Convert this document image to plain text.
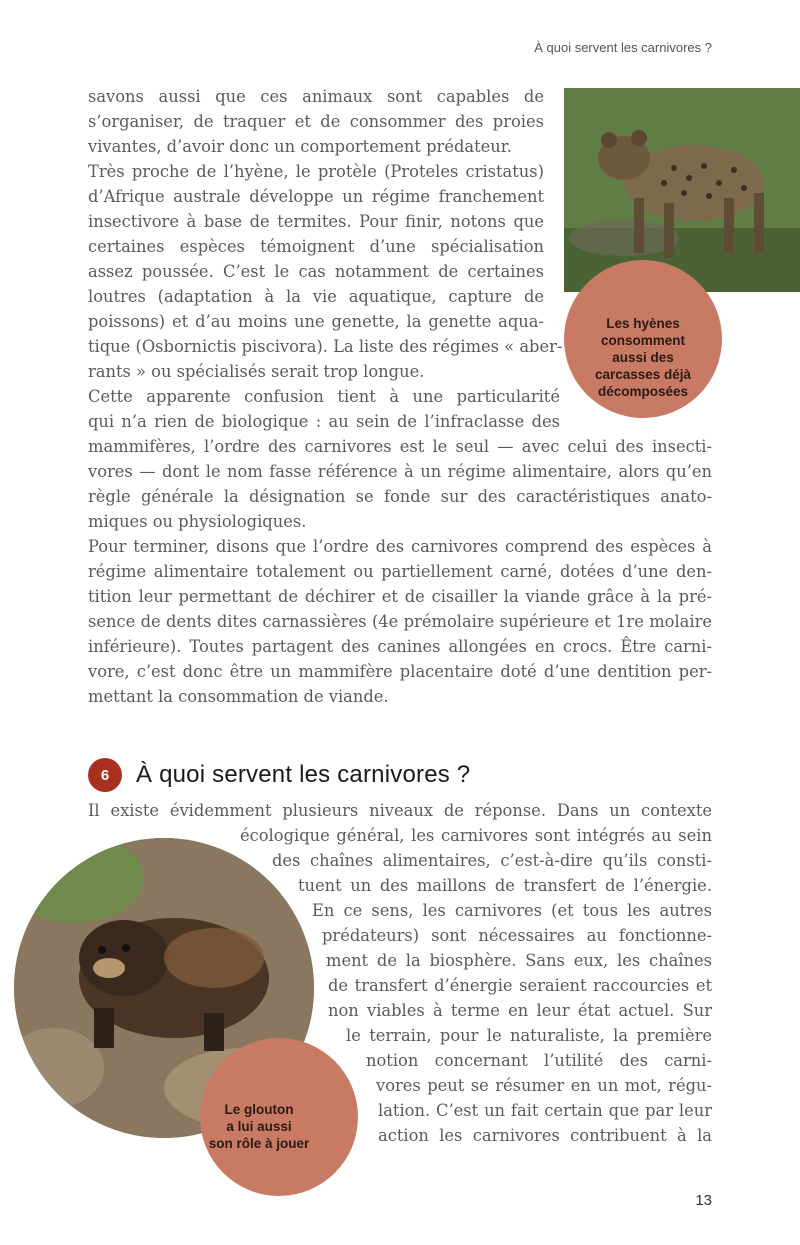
À quoi servent les carnivores ?
savons aussi que ces animaux sont capables de
s’organiser, de traquer et de consommer des proies
vivantes, d’avoir donc un comportement prédateur.
Très proche de l’hyène, le protèle (Proteles cristatus)
d’Afrique australe développe un régime franchement
insectivore à base de termites. Pour finir, notons que
certaines espèces témoignent d’une spécialisation
assez poussée. C’est le cas notamment de certaines
loutres (adaptation à la vie aquatique, capture de
poissons) et d’au moins une genette, la genette aqua-
tique (Osbornictis piscivora). La liste des régimes « aber-
rants » ou spécialisés serait trop longue.
Cette apparente confusion tient à une particularité
qui n’a rien de biologique : au sein de l’infraclasse des
Les hyènes
consomment
aussi des
carcasses déjà
décomposées
mammifères, l’ordre des carnivores est le seul — avec celui des insecti-
vores — dont le nom fasse référence à un régime alimentaire, alors qu’en
règle générale la désignation se fonde sur des caractéristiques anato-
miques ou physiologiques.
Pour terminer, disons que l’ordre des carnivores comprend des espèces à
régime alimentaire totalement ou partiellement carné, dotées d’une den-
tition leur permettant de déchirer et de cisailler la viande grâce à la pré-
sence de dents dites carnassières (4e prémolaire supérieure et 1re molaire
inférieure). Toutes partagent des canines allongées en crocs. Être carni-
vore, c’est donc être un mammifère placentaire doté d’une dentition per-
mettant la consommation de viande.
6	À quoi servent les carnivores ?
Il existe évidemment plusieurs niveaux de réponse. Dans un contexte
écologique général, les carnivores sont intégrés au sein
des chaînes alimentaires, c’est-à-dire qu’ils consti-
tuent un des maillons de transfert de l’énergie.
En ce sens, les carnivores (et tous les autres
prédateurs) sont nécessaires au fonctionne-
ment de la biosphère. Sans eux, les chaînes
de transfert d’énergie seraient raccourcies et
non viables à terme en leur état actuel. Sur
le terrain, pour le naturaliste, la première
notion concernant l’utilité des carni-
vores peut se résumer en un mot, régu-
lation. C’est un fait certain que par leur
action les carnivores contribuent à la
Le glouton
a lui aussi
son rôle à jouer
13
